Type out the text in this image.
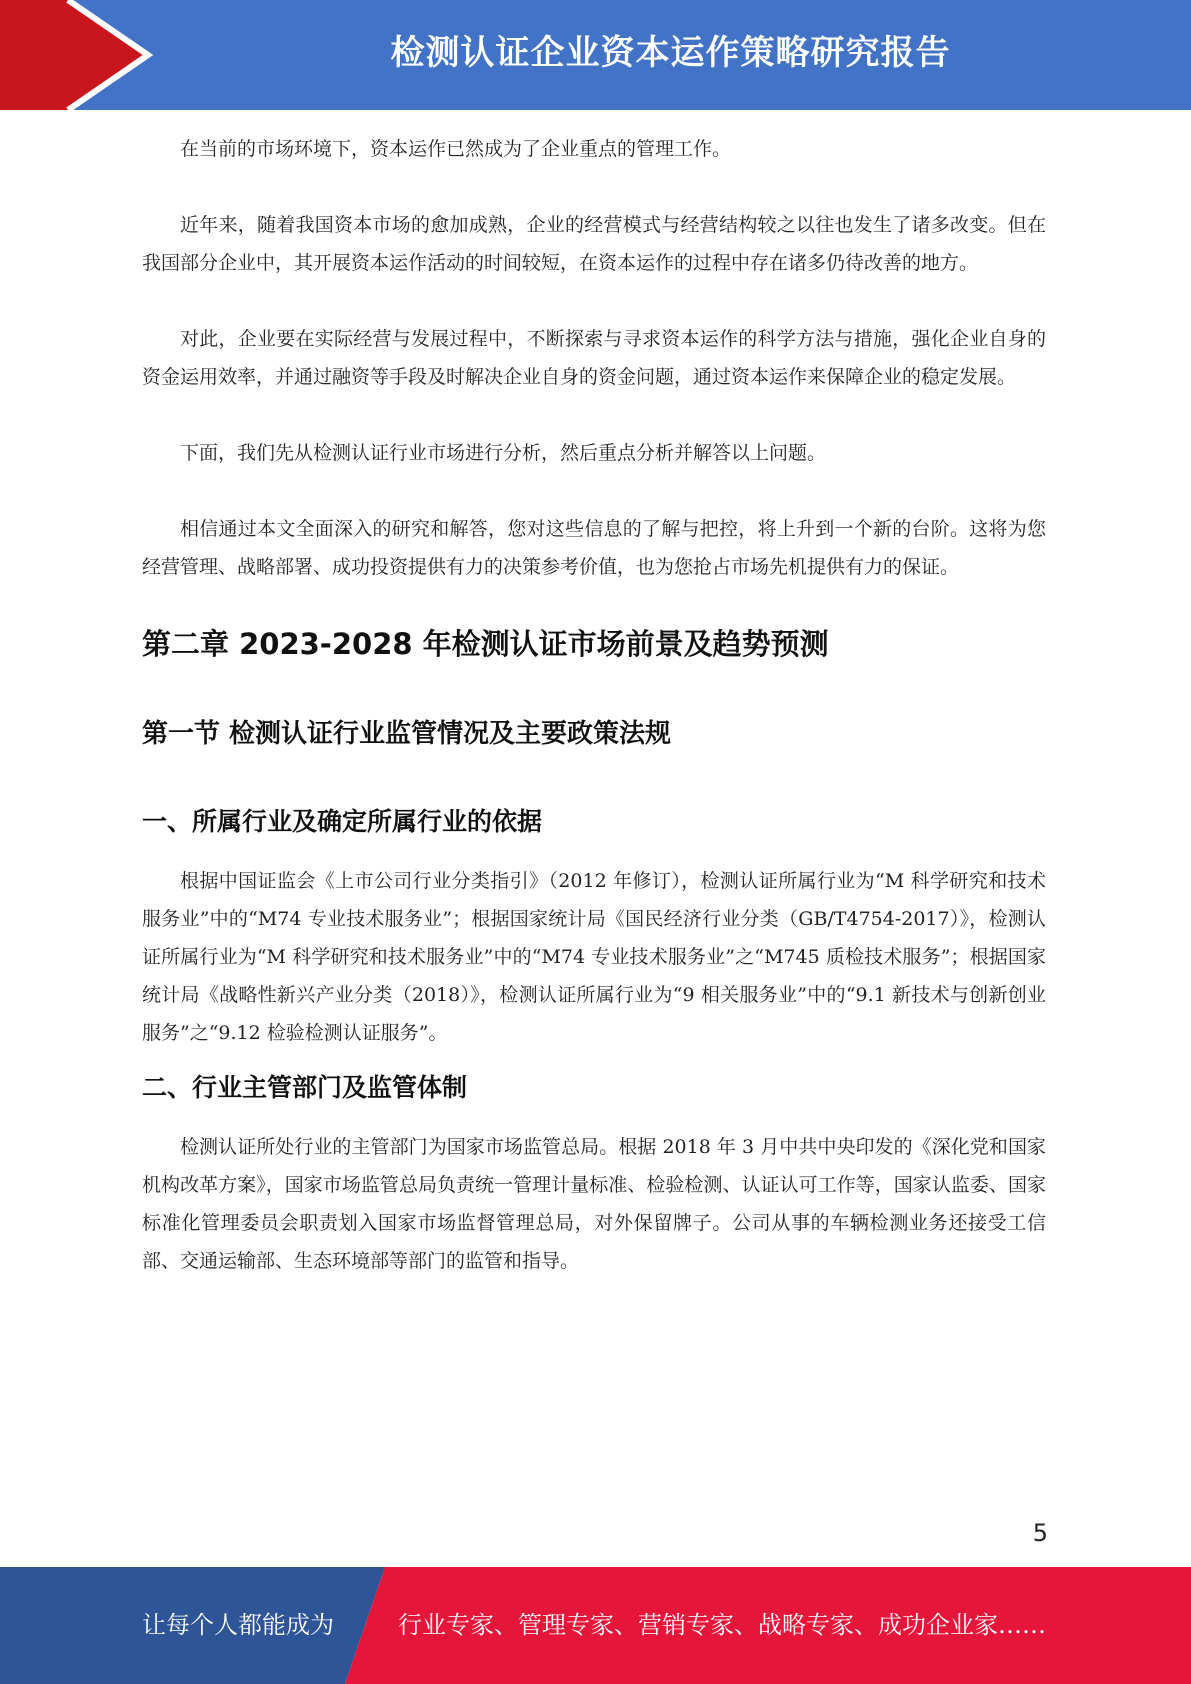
检测认证企业资本运作策略研究报告

在当前的市场环境下，资本运作已然成为了企业重点的管理工作。

近年来，随着我国资本市场的愈加成熟，企业的经营模式与经营结构较之以往也发生了诸多改变。但在我国部分企业中，其开展资本运作活动的时间较短，在资本运作的过程中存在诸多仍待改善的地方。

对此，企业要在实际经营与发展过程中，不断探索与寻求资本运作的科学方法与措施，强化企业自身的资金运用效率，并通过融资等手段及时解决企业自身的资金问题，通过资本运作来保障企业的稳定发展。

下面，我们先从检测认证行业市场进行分析，然后重点分析并解答以上问题。

相信通过本文全面深入的研究和解答，您对这些信息的了解与把控，将上升到一个新的台阶。这将为您经营管理、战略部署、成功投资提供有力的决策参考价值，也为您抢占市场先机提供有力的保证。

第二章 2023-2028 年检测认证市场前景及趋势预测
第一节 检测认证行业监管情况及主要政策法规
一、所属行业及确定所属行业的依据

根据中国证监会《上市公司行业分类指引》（2012 年修订），检测认证所属行业为“M 科学研究和技术服务业”中的“M74 专业技术服务业”；根据国家统计局《国民经济行业分类（GB/T4754-2017）》，检测认证所属行业为“M 科学研究和技术服务业”中的“M74 专业技术服务业”之“M745 质检技术服务”；根据国家统计局《战略性新兴产业分类（2018）》，检测认证所属行业为“9 相关服务业”中的“9.1 新技术与创新创业服务”之“9.12 检验检测认证服务”。

二、行业主管部门及监管体制

检测认证所处行业的主管部门为国家市场监管总局。根据 2018 年 3 月中共中央印发的《深化党和国家机构改革方案》，国家市场监管总局负责统一管理计量标准、检验检测、认证认可工作等，国家认监委、国家标准化管理委员会职责划入国家市场监督管理总局，对外保留牌子。公司从事的车辆检测业务还接受工信部、交通运输部、生态环境部等部门的监管和指导。

5
让每个人都能成为	行业专家、管理专家、营销专家、战略专家、成功企业家……
